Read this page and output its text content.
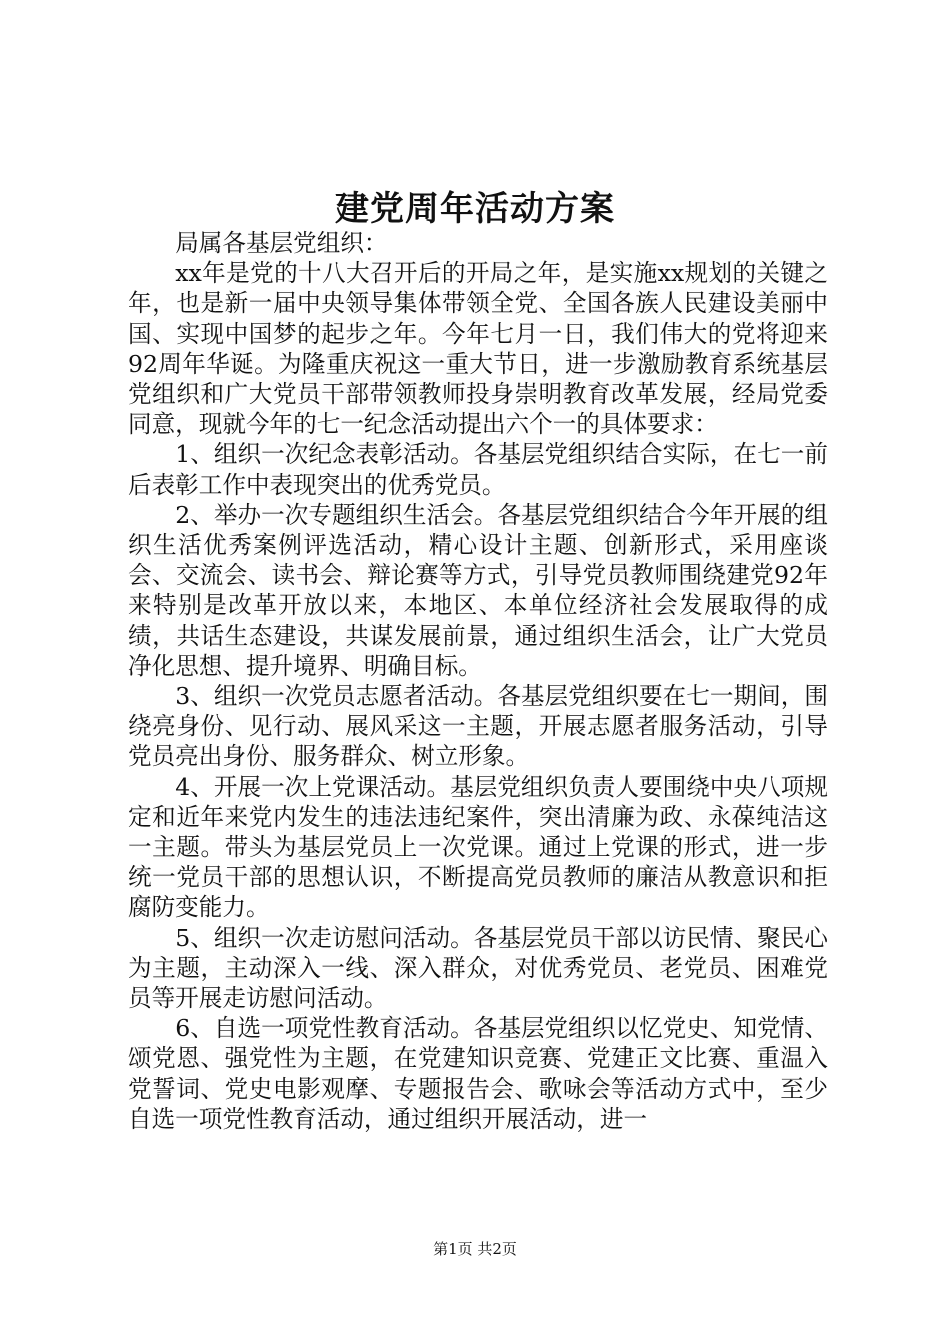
建党周年活动方案

局属各基层党组织：

xx年是党的十八大召开后的开局之年，是实施xx规划的关键之年，也是新一届中央领导集体带领全党、全国各族人民建设美丽中国、实现中国梦的起步之年。今年七月一日，我们伟大的党将迎来92周年华诞。为隆重庆祝这一重大节日，进一步激励教育系统基层党组织和广大党员干部带领教师投身崇明教育改革发展，经局党委同意，现就今年的七一纪念活动提出六个一的具体要求：

1、组织一次纪念表彰活动。各基层党组织结合实际，在七一前后表彰工作中表现突出的优秀党员。

2、举办一次专题组织生活会。各基层党组织结合今年开展的组织生活优秀案例评选活动，精心设计主题、创新形式，采用座谈会、交流会、读书会、辩论赛等方式，引导党员教师围绕建党92年来特别是改革开放以来，本地区、本单位经济社会发展取得的成绩，共话生态建设，共谋发展前景，通过组织生活会，让广大党员净化思想、提升境界、明确目标。

3、组织一次党员志愿者活动。各基层党组织要在七一期间，围绕亮身份、见行动、展风采这一主题，开展志愿者服务活动，引导党员亮出身份、服务群众、树立形象。

4、开展一次上党课活动。基层党组织负责人要围绕中央八项规定和近年来党内发生的违法违纪案件，突出清廉为政、永葆纯洁这一主题。带头为基层党员上一次党课。通过上党课的形式，进一步统一党员干部的思想认识，不断提高党员教师的廉洁从教意识和拒腐防变能力。

5、组织一次走访慰问活动。各基层党员干部以访民情、聚民心为主题，主动深入一线、深入群众，对优秀党员、老党员、困难党员等开展走访慰问活动。

6、自选一项党性教育活动。各基层党组织以忆党史、知党情、颂党恩、强党性为主题，在党建知识竞赛、党建正文比赛、重温入党誓词、党史电影观摩、专题报告会、歌咏会等活动方式中，至少自选一项党性教育活动，通过组织开展活动，进一

第1页 共2页
